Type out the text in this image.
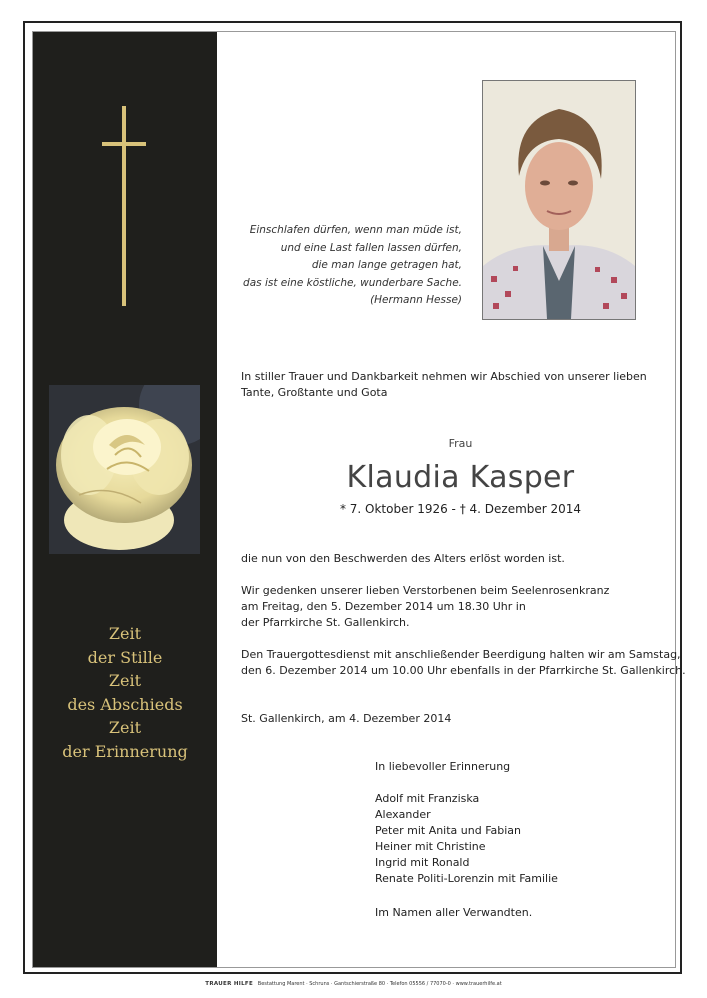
Zeit
der Stille
Zeit
des Abschieds
Zeit
der Erinnerung
Einschlafen dürfen, wenn man müde ist,
und eine Last fallen lassen dürfen,
die man lange getragen hat,
das ist eine köstliche, wunderbare Sache.
(Hermann Hesse)
In stiller Trauer und Dankbarkeit nehmen wir Abschied von unserer lieben
Tante, Großtante und Gota
Frau
Klaudia Kasper
* 7. Oktober 1926 - † 4. Dezember 2014
die nun von den Beschwerden des Alters erlöst worden ist.
Wir gedenken unserer lieben Verstorbenen beim Seelenrosenkranz
am Freitag, den 5. Dezember 2014 um 18.30 Uhr in
der Pfarrkirche St. Gallenkirch.
Den Trauergottesdienst mit anschließender Beerdigung halten wir am Samstag,
den 6. Dezember 2014 um 10.00 Uhr ebenfalls in der Pfarrkirche St. Gallenkirch.
St. Gallenkirch, am 4. Dezember 2014
In liebevoller Erinnerung
Adolf mit Franziska
Alexander
Peter mit Anita und Fabian
Heiner mit Christine
Ingrid mit Ronald
Renate Politi-Lorenzin mit Familie
Im Namen aller Verwandten.
TRAUER HILFE Bestattung Marent · Schruns · Gantschierstraße 80 · Telefon 05556 / 77070-0 · www.trauerhilfe.at
